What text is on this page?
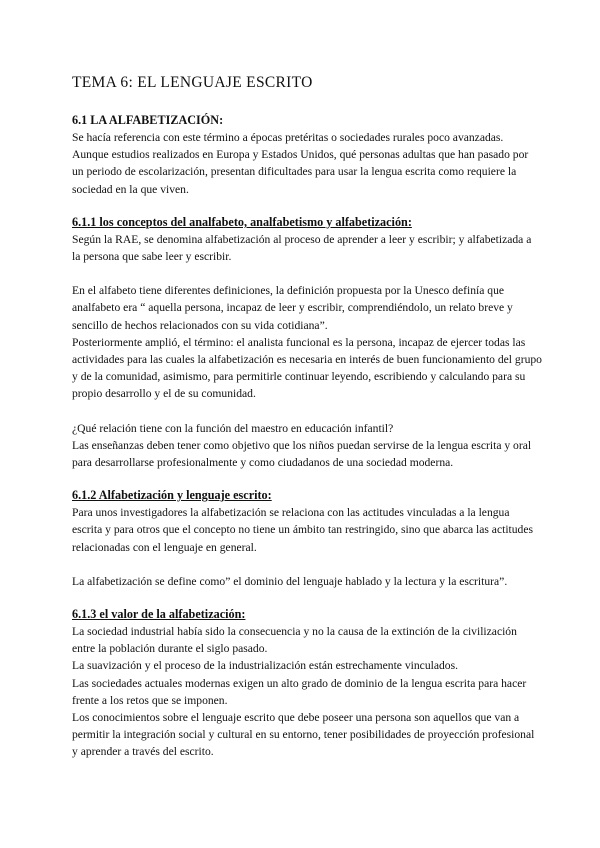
TEMA 6: EL LENGUAJE ESCRITO
6.1 LA ALFABETIZACIÓN:

Se hacía referencia con este término a épocas pretéritas o sociedades rurales poco avanzadas. Aunque estudios realizados en Europa y Estados Unidos, qué personas adultas que han pasado por un periodo de escolarización, presentan dificultades para usar la lengua escrita como requiere la sociedad en la que viven.

6.1.1 los conceptos del analfabeto, analfabetismo y alfabetización:

Según la RAE, se denomina alfabetización al proceso de aprender a leer y escribir; y alfabetizada a la persona que sabe leer y escribir.

En el alfabeto tiene diferentes definiciones, la definición propuesta por la Unesco definía que analfabeto era “ aquella persona, incapaz de leer y escribir, comprendiéndolo, un relato breve y sencillo de hechos relacionados con su vida cotidiana”.

Posteriormente amplió, el término: el analista funcional es la persona, incapaz de ejercer todas las actividades para las cuales la alfabetización es necesaria en interés de buen funcionamiento del grupo y de la comunidad, asimismo, para permitirle continuar leyendo, escribiendo y calculando para su propio desarrollo y el de su comunidad.

¿Qué relación tiene con la función del maestro en educación infantil?

Las enseñanzas deben tener como objetivo que los niños puedan servirse de la lengua escrita y oral para desarrollarse profesionalmente y como ciudadanos de una sociedad moderna.

6.1.2 Alfabetización y lenguaje escrito:

Para unos investigadores la alfabetización se relaciona con las actitudes vinculadas a la lengua escrita y para otros que el concepto no tiene un ámbito tan restringido, sino que abarca las actitudes relacionadas con el lenguaje en general.

La alfabetización se define como” el dominio del lenguaje hablado y la lectura y la escritura”.

6.1.3 el valor de la alfabetización:

La sociedad industrial había sido la consecuencia y no la causa de la extinción de la civilización entre la población durante el siglo pasado.

La suavización y el proceso de la industrialización están estrechamente vinculados.

Las sociedades actuales modernas exigen un alto grado de dominio de la lengua escrita para hacer frente a los retos que se imponen.

Los conocimientos sobre el lenguaje escrito que debe poseer una persona son aquellos que van a permitir la integración social y cultural en su entorno, tener posibilidades de proyección profesional y aprender a través del escrito.
